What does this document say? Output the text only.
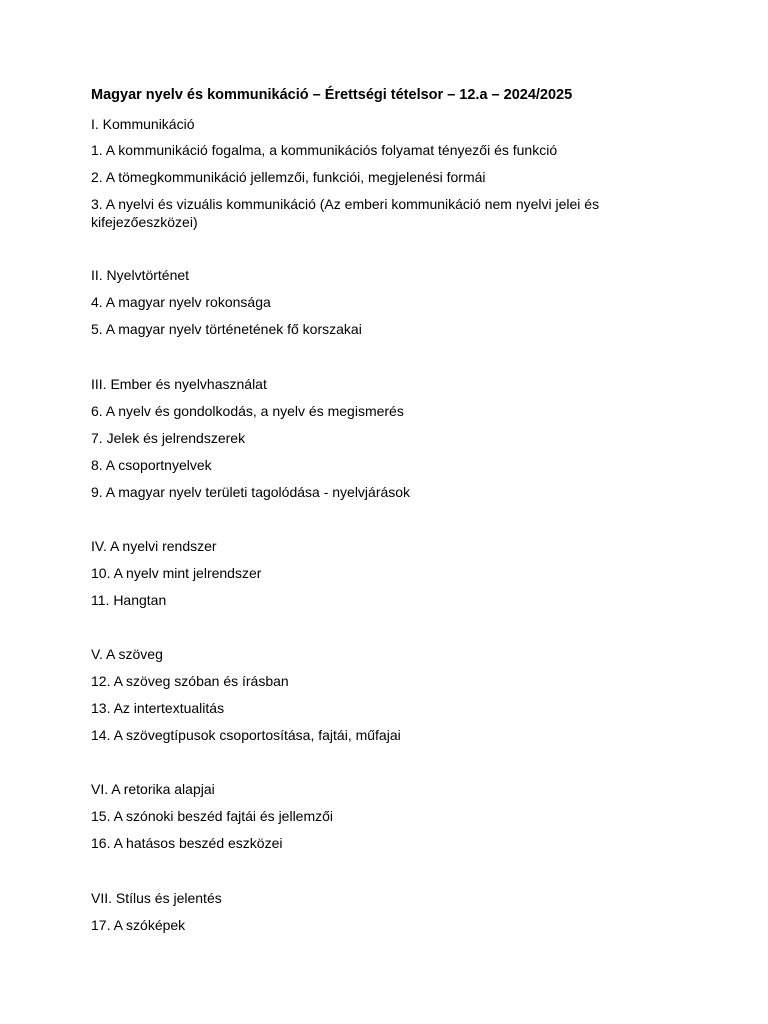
Magyar nyelv és kommunikáció – Érettségi tételsor – 12.a – 2024/2025
I. Kommunikáció
1. A kommunikáció fogalma, a kommunikációs folyamat tényezői és funkció
2. A tömegkommunikáció jellemzői, funkciói, megjelenési formái
3. A nyelvi és vizuális kommunikáció (Az emberi kommunikáció nem nyelvi jelei és kifejezőeszközei)
II. Nyelvtörténet
4. A magyar nyelv rokonsága
5. A magyar nyelv történetének fő korszakai
III. Ember és nyelvhasználat
6. A nyelv és gondolkodás, a nyelv és megismerés
7. Jelek és jelrendszerek
8. A csoportnyelvek
9. A magyar nyelv területi tagolódása - nyelvjárások
IV. A nyelvi rendszer
10. A nyelv mint jelrendszer
11. Hangtan
V. A szöveg
12. A szöveg szóban és írásban
13. Az intertextualitás
14. A szövegtípusok csoportosítása, fajtái, műfajai
VI. A retorika alapjai
15. A szónoki beszéd fajtái és jellemzői
16. A hatásos beszéd eszközei
VII. Stílus és jelentés
17. A szóképek
